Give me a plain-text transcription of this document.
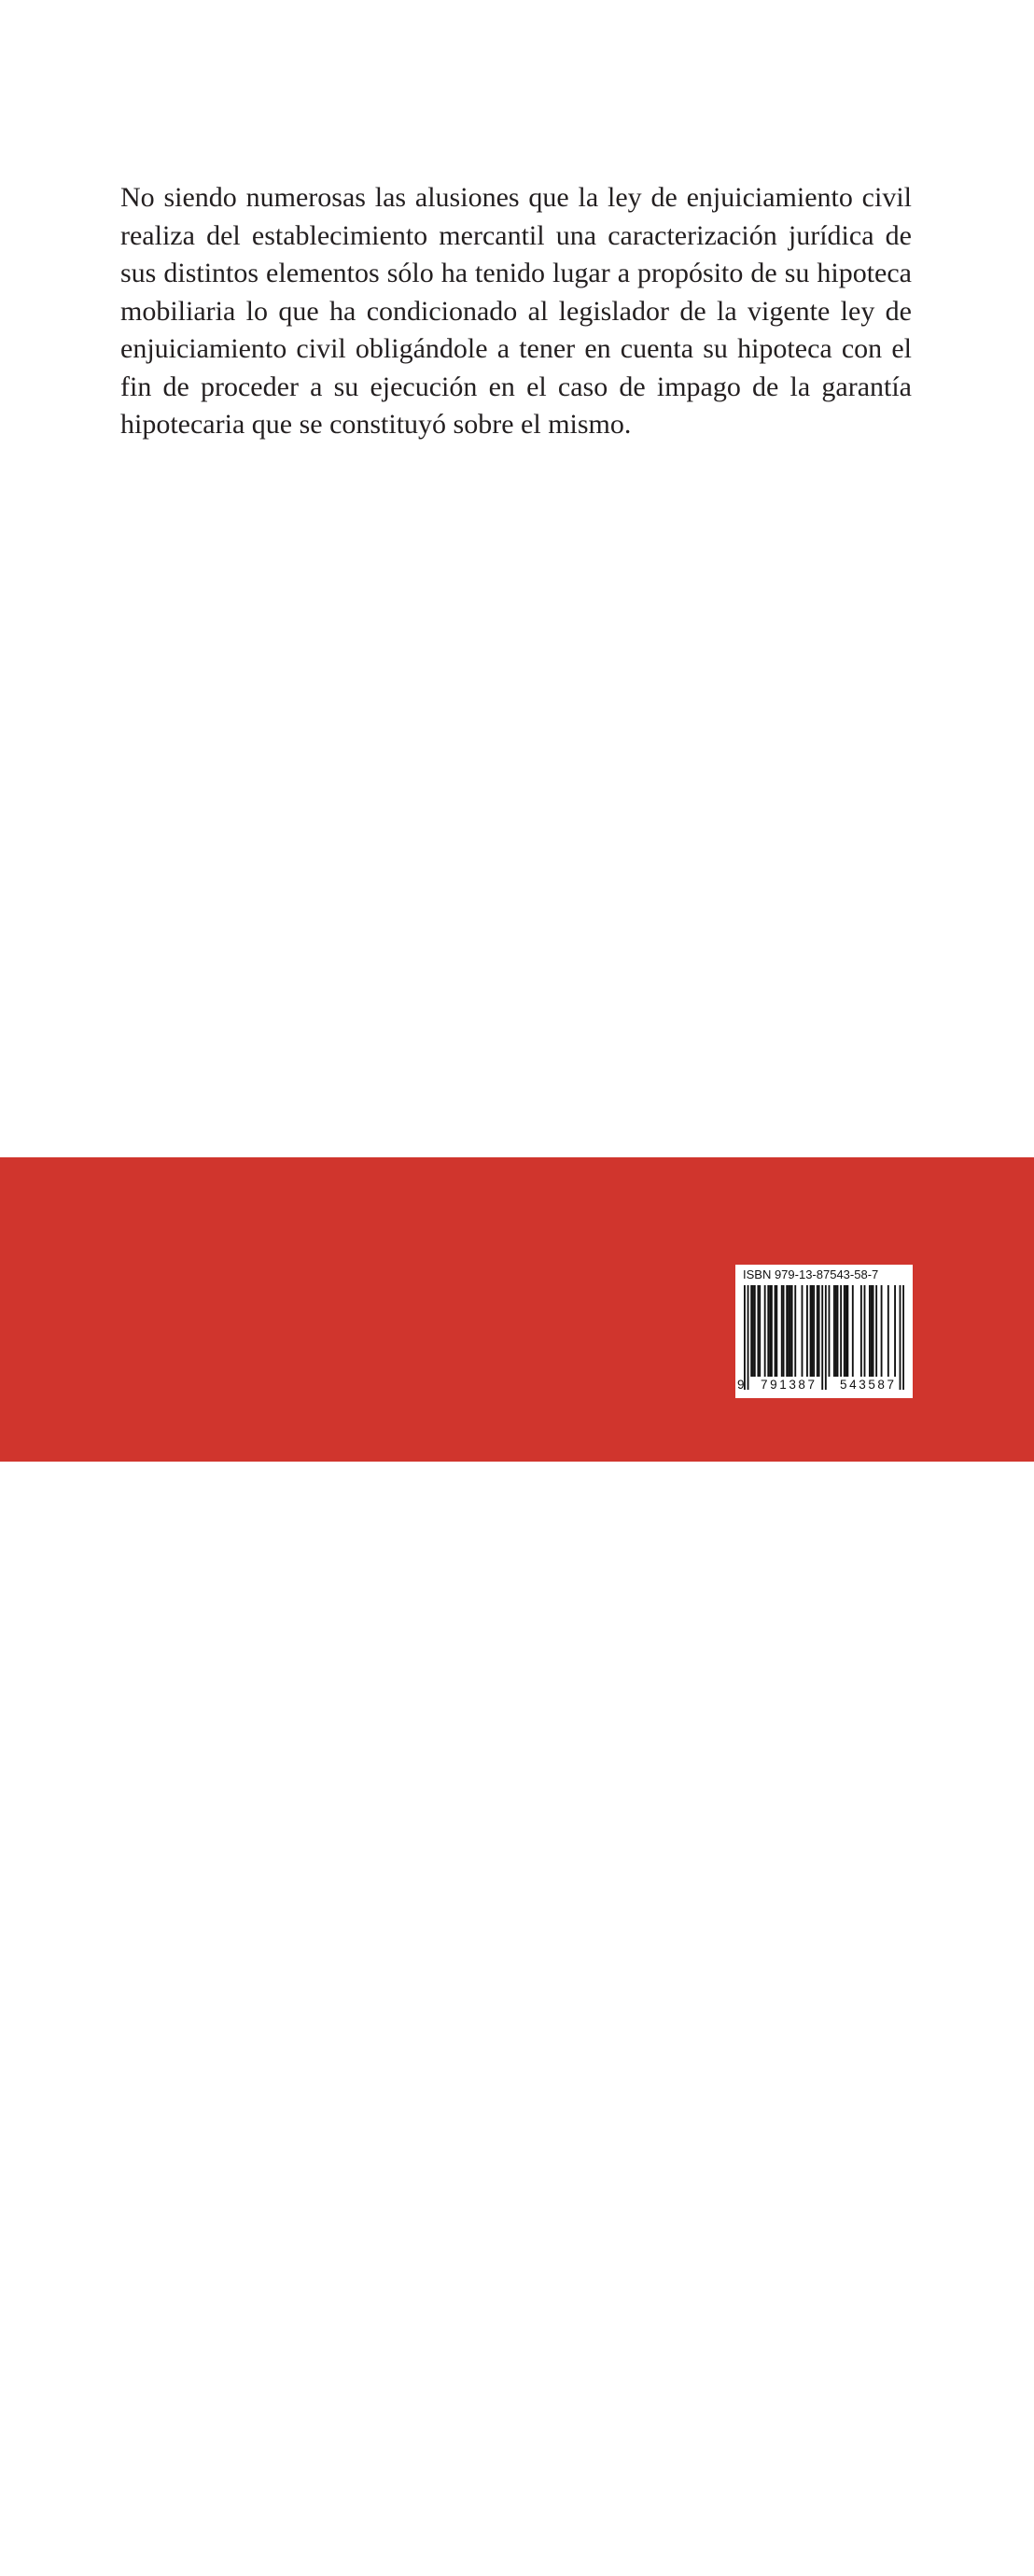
No siendo numerosas las alusiones que la ley de enjuiciamiento civil realiza del establecimiento mercantil una caracterización jurídica de sus distintos elementos sólo ha tenido lugar a propósito de su hipoteca mobiliaria lo que ha condicionado al legislador de la vigente ley de enjuiciamiento civil obligándole a tener en cuenta su hipoteca con el fin de proceder a su ejecución en el caso de impago de la garantía hipotecaria que se constituyó sobre el mismo.

Atelier
LIBROS JURÍDICOS
ISBN 979-13-87543-58-7
9 791387 543587
